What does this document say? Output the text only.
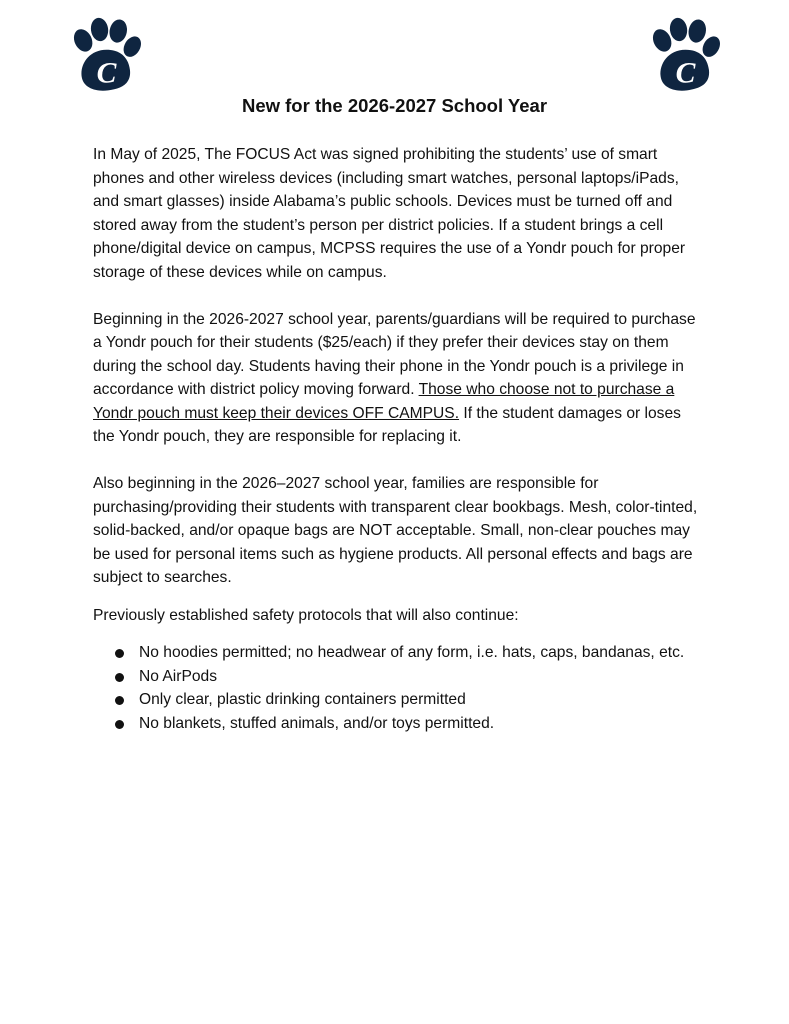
C	C
New for the 2026-2027 School Year

In May of 2025, The FOCUS Act was signed prohibiting the students’ use of smart phones and other wireless devices (including smart watches, personal laptops/iPads, and smart glasses) inside Alabama’s public schools. Devices must be turned off and stored away from the student’s person per district policies. If a student brings a cell phone/digital device on campus, MCPSS requires the use of a Yondr pouch for proper storage of these devices while on campus.

Beginning in the 2026-2027 school year, parents/guardians will be required to purchase a Yondr pouch for their students ($25/each) if they prefer their devices stay on them during the school day. Students having their phone in the Yondr pouch is a privilege in accordance with district policy moving forward. Those who choose not to purchase a Yondr pouch must keep their devices OFF CAMPUS. If the student damages or loses the Yondr pouch, they are responsible for replacing it.

Also beginning in the 2026–2027 school year, families are responsible for purchasing/providing their students with transparent clear bookbags. Mesh, color-tinted, solid-backed, and/or opaque bags are NOT acceptable. Small, non-clear pouches may be used for personal items such as hygiene products. All personal effects and bags are subject to searches.

Previously established safety protocols that will also continue:

No hoodies permitted; no headwear of any form, i.e. hats, caps, bandanas, etc.
No AirPods
Only clear, plastic drinking containers permitted
No blankets, stuffed animals, and/or toys permitted.
